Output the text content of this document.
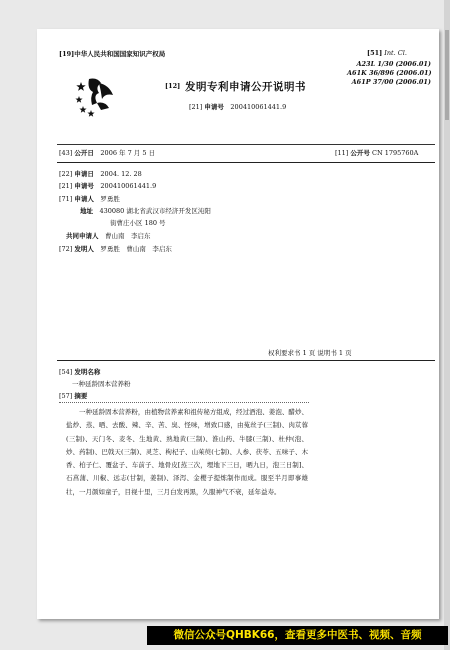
[19]中华人民共和国国家知识产权局
[12] 发明专利申请公开说明书
[21] 申请号　 200410061441.9
[51] Int. Cl.
A23L 1/30 (2006.01)
A61K 36/896 (2006.01)
A61P 37/00 (2006.01)
[43] 公开日　 2006 年 7 月 5 日	[11] 公开号 CN 1795760A
[22] 申请日　 2004. 12. 28
[21] 申请号　 200410061441.9
[71] 申请人　 罗勇胜
地址　 430080 湖北省武汉市经济开发区沌阳
街曹庄小区 180 号
共同申请人　 曹山南　李启东
[72] 发明人　 罗勇胜　曹山南　李启东
权利要求书 1 页 说明书 1 页
[54] 发明名称
一种延龄固本营养粉
[57] 摘要
一种延龄固本营养粉，由植物营养素和祖传秘方组成，经过酒泡、姜泡、醋炒、盐炒、蒸、晒、去酸、辣、辛、苦、臭、怪味，增致口感，由菟丝子(三制)、肉苁蓉(三制)、天门冬、麦冬、生地黄、熟地黄(三制)、淮山药、牛膝(三制)、杜仲(泡、炒、药制)、巴戟天(三制)、灵芝、枸杞子、山茱萸(七制)、人参、茯苓、五味子、木香、柏子仁、覆盆子、车前子、地骨皮[蒸三次，埋地下三日，晒九日，泡三日制]、石菖蒲、川椒、远志(甘制，姜制)、泽泻、金樱子提炼制作而成。服至半月即事雄壮，一月颜如童子，目视十里，三月白发再黑，久服神气不衰，延年益寿。
微信公众号QHBK66，查看更多中医书、视频、音频
